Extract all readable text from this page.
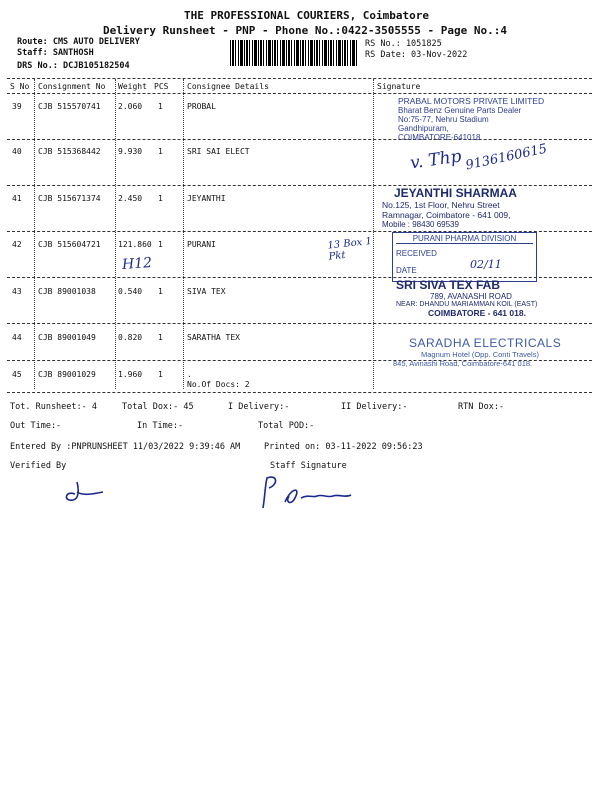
THE PROFESSIONAL COURIERS, Coimbatore
Delivery Runsheet - PNP - Phone No.:0422-3505555 - Page No.:4
Route: CMS AUTO DELIVERY
Staff: SANTHOSH
DRS No.: DCJB105182504
RS No.: 1051825
RS Date: 03-Nov-2022
S No Consignment No Weight PCS Consignee Details	Signature
39 CJB 515570741 2.060 1	PROBAL
40 CJB 515368442 9.930 1	SRI SAI ELECT
41 CJB 515671374 2.450 1	JEYANTHI
42 CJB 515604721 121.860 1	PURANI
43 CJB 89001038	0.540 1	SIVA TEX
44 CJB 89001049	0.820 1	SARATHA TEX
45 CJB 89001029	1.960 1	.
No.Of Docs: 2
PRABAL MOTORS PRIVATE LIMITED
Bharat Benz Genuine Parts Dealer
No:75-77, Nehru Stadium
Gandhipuram,
COIMBATORE-641018
v. Thp 9136160615
JEYANTHI SHARMAA
No.125, 1st Floor, Nehru Street
Ramnagar, Coimbatore - 641 009,
Mobile : 98430 69539
13 Box 1 Pkt
H12
PURANI PHARMA DIVISION
RECEIVED
DATE	02/11
SRI SIVA TEX FAB
789, AVANASHI ROAD
NEAR: DHANDU MARIAMMAN KOIL (EAST)
COIMBATORE - 641 018.
SARADHA ELECTRICALS
Magnum Hotel (Opp. Conti Travels)
845, Avinashi Road, Coimbatore-641 018.
Tot. Runsheet:- 4	Total Dox:- 45	I Delivery:-	II Delivery:-	RTN Dox:-
Out Time:-	In Time:-	Total POD:-
Entered By :PNPRUNSHEET 11/03/2022 9:39:46 AM	Printed on: 03-11-2022 09:56:23
Verified By	Staff Signature
